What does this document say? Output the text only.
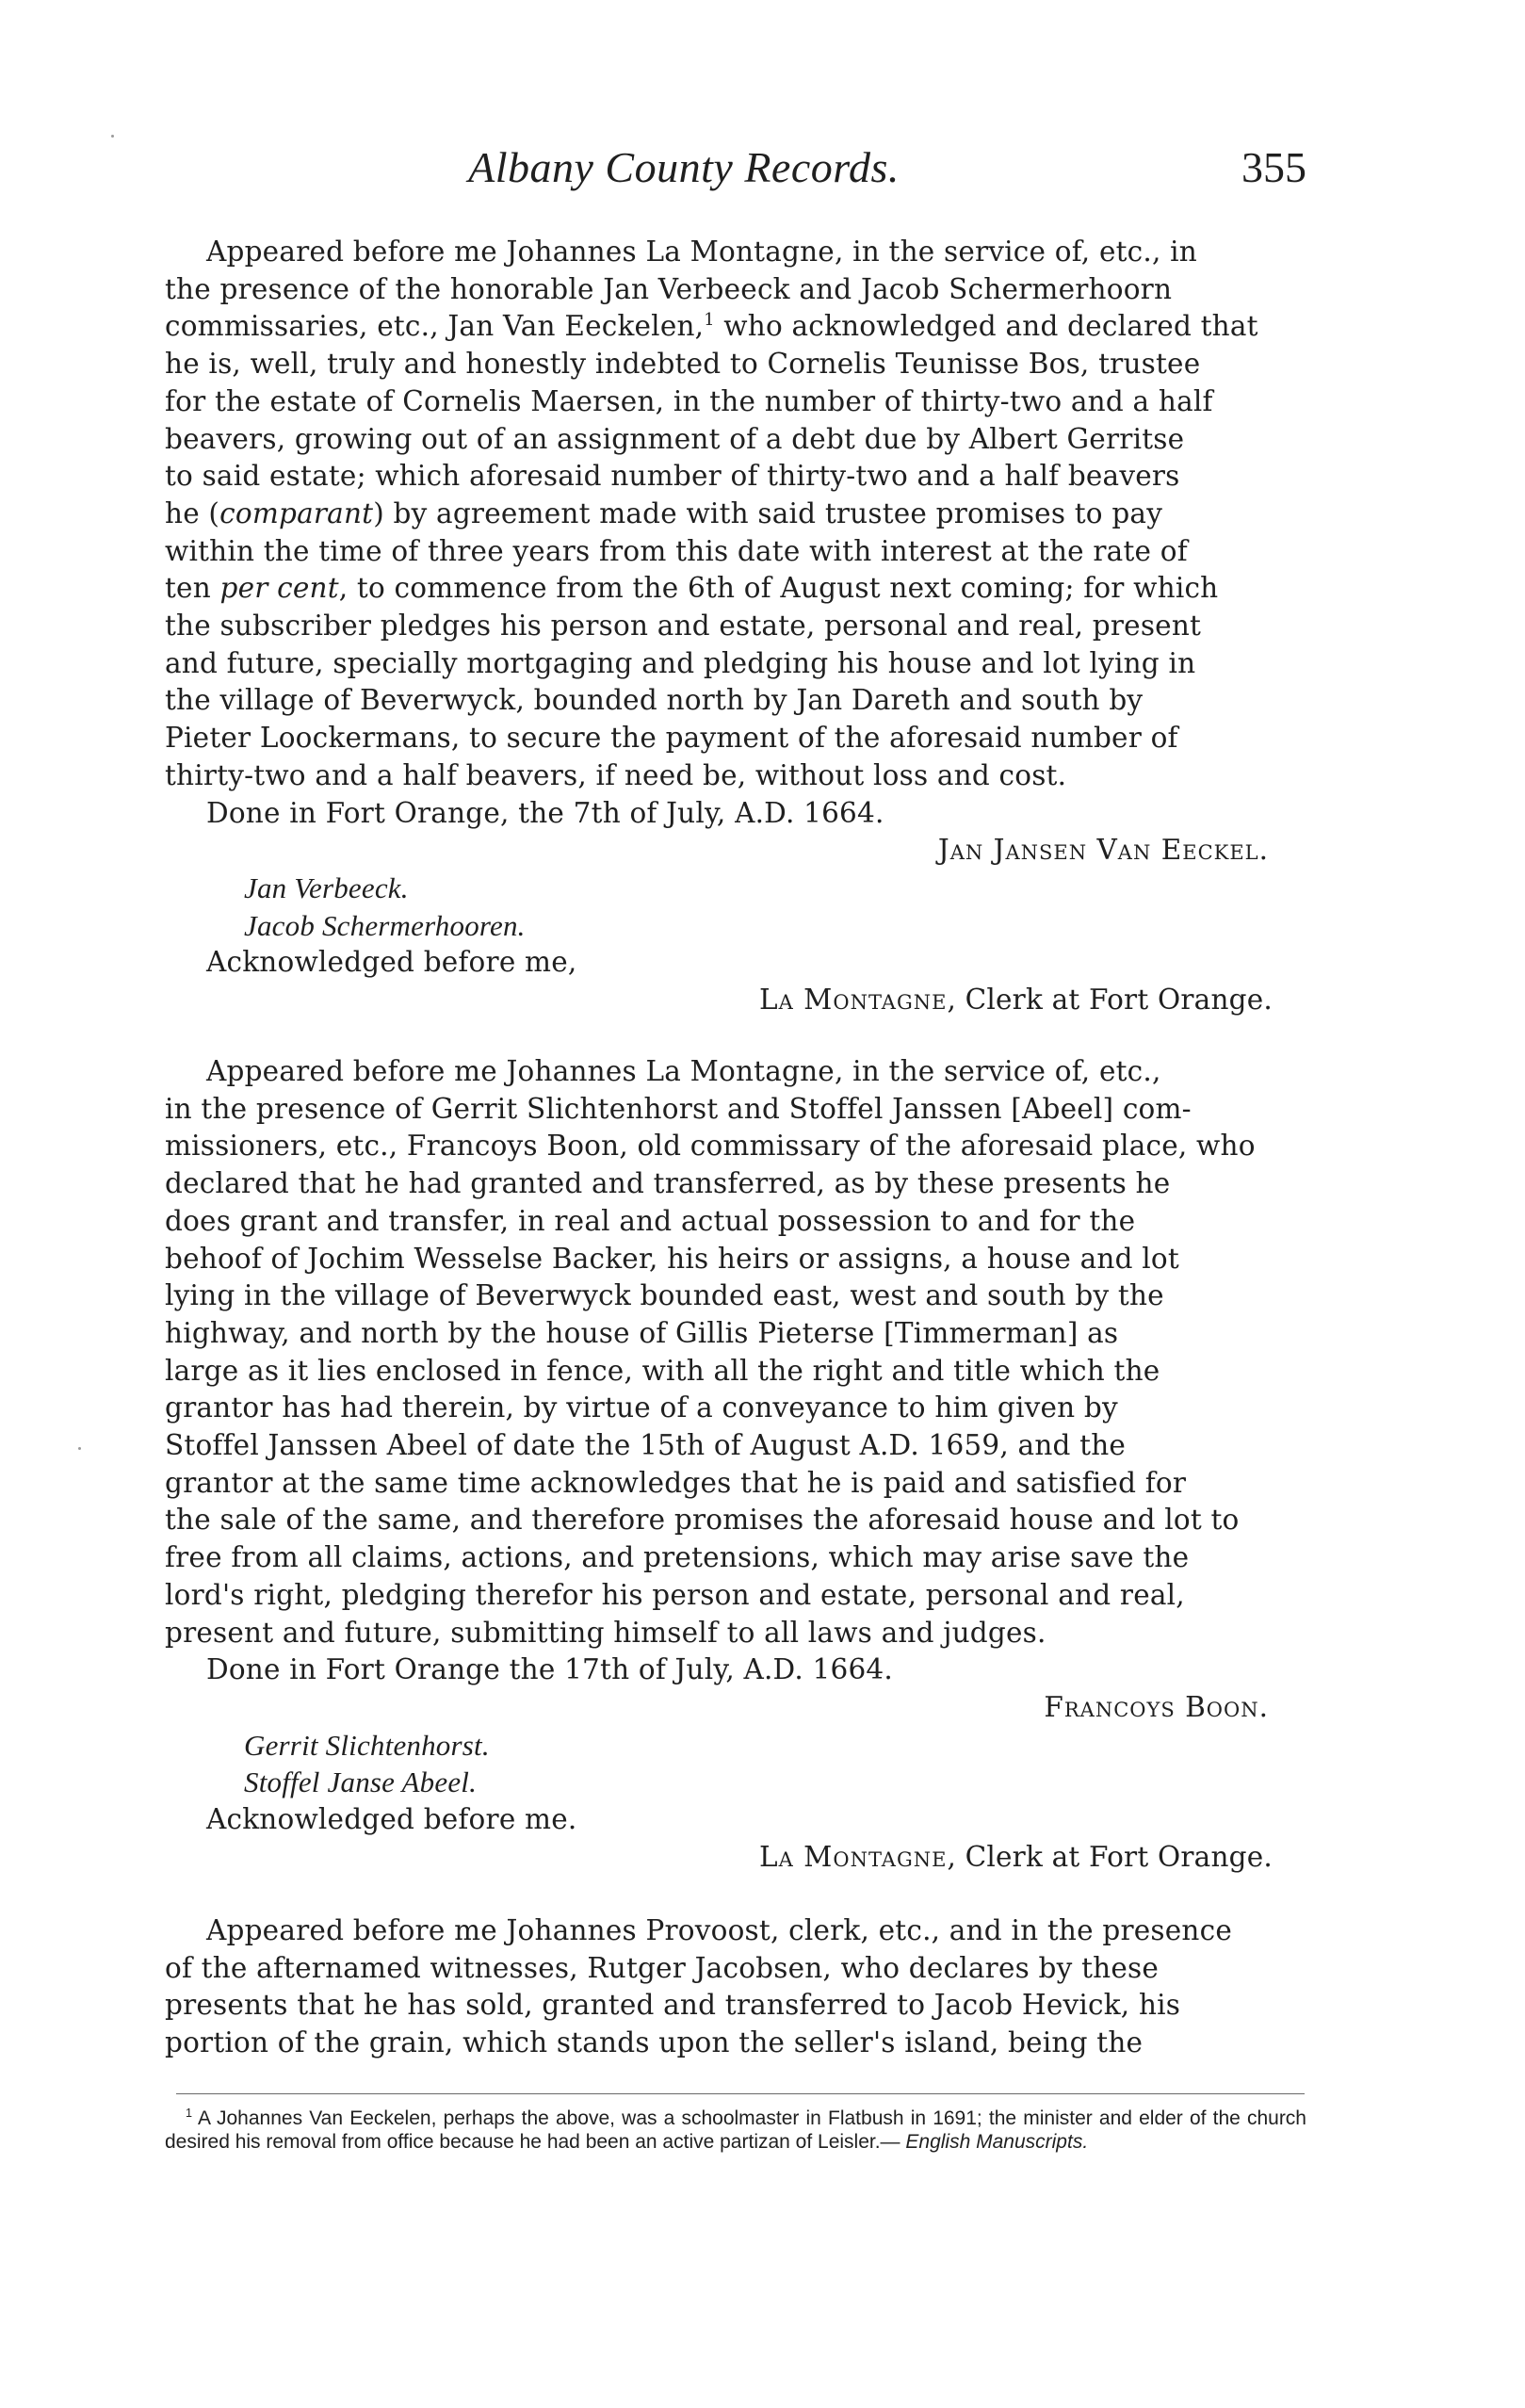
Albany County Records.	355

Appeared before me Johannes La Montagne, in the service of, etc., in

the presence of the honorable Jan Verbeeck and Jacob Schermerhoorn

commissaries, etc., Jan Van Eeckelen,$^1$ who acknowledged and declared that

he is, well, truly and honestly indebted to Cornelis Teunisse Bos, trustee

for the estate of Cornelis Maersen, in the number of thirty-two and a half

beavers, growing out of an assignment of a debt due by Albert Gerritse

to said estate; which aforesaid number of thirty-two and a half beavers

he (comparant) by agreement made with said trustee promises to pay

within the time of three years from this date with interest at the rate of

ten per cent, to commence from the 6th of August next coming; for which

the subscriber pledges his person and estate, personal and real, present

and future, specially mortgaging and pledging his house and lot lying in

the village of Beverwyck, bounded north by Jan Dareth and south by

Pieter Loockermans, to secure the payment of the aforesaid number of

thirty-two and a half beavers, if need be, without loss and cost.

Done in Fort Orange, the 7th of July, A.D. 1664.

Jan Jansen Van Eeckel.

Jan Verbeeck.

Jacob Schermerhooren.

Acknowledged before me,

La Montagne, Clerk at Fort Orange.

Appeared before me Johannes La Montagne, in the service of, etc.,

in the presence of Gerrit Slichtenhorst and Stoffel Janssen [Abeel] com-

missioners, etc., Francoys Boon, old commissary of the aforesaid place, who

declared that he had granted and transferred, as by these presents he

does grant and transfer, in real and actual possession to and for the

behoof of Jochim Wesselse Backer, his heirs or assigns, a house and lot

lying in the village of Beverwyck bounded east, west and south by the

highway, and north by the house of Gillis Pieterse [Timmerman] as

large as it lies enclosed in fence, with all the right and title which the

grantor has had therein, by virtue of a conveyance to him given by

Stoffel Janssen Abeel of date the 15th of August A.D. 1659, and the

grantor at the same time acknowledges that he is paid and satisfied for

the sale of the same, and therefore promises the aforesaid house and lot to

free from all claims, actions, and pretensions, which may arise save the

lord's right, pledging therefor his person and estate, personal and real,

present and future, submitting himself to all laws and judges.

Done in Fort Orange the 17th of July, A.D. 1664.

Francoys Boon.

Gerrit Slichtenhorst.

Stoffel Janse Abeel.

Acknowledged before me.

La Montagne, Clerk at Fort Orange.

Appeared before me Johannes Provoost, clerk, etc., and in the presence

of the afternamed witnesses, Rutger Jacobsen, who declares by these

presents that he has sold, granted and transferred to Jacob Hevick, his

portion of the grain, which stands upon the seller's island, being the

$^1$ A Johannes Van Eeckelen, perhaps the above, was a schoolmaster in Flatbush in 1691; the minister and elder of the church desired his removal from office because he had been an active partizan of Leisler.— English Manuscripts.
